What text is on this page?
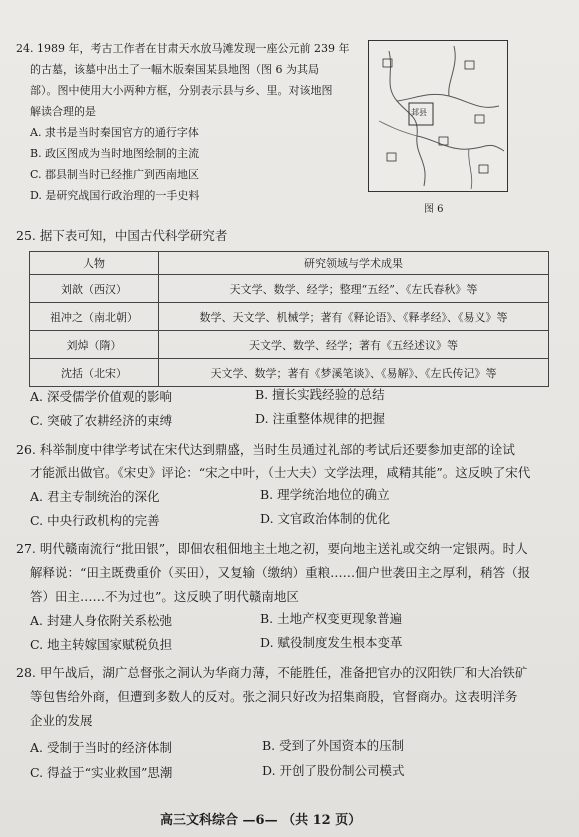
24. 1989 年，考古工作者在甘肃天水放马滩发现一座公元前 239 年
的古墓，该墓中出土了一幅木版秦国某县地图（图 6 为其局
部）。图中使用大小两种方框，分别表示县与乡、里。对该地图
解读合理的是
A. 隶书是当时秦国官方的通行字体
B. 政区图成为当时地图绘制的主流
C. 郡县制当时已经推广到西南地区
D. 是研究战国行政治理的一手史料
邽县
图 6
25. 据下表可知，中国古代科学研究者
人物	研究领域与学术成果
刘歆（西汉）	天文学、数学、经学；整理“五经”、《左氏春秋》等
祖冲之（南北朝）	数学、天文学、机械学；著有《释论语》、《释孝经》、《易义》等
刘焯（隋）	天文学、数学、经学；著有《五经述议》等
沈括（北宋）	天文学、数学；著有《梦溪笔谈》、《易解》、《左氏传记》等
A. 深受儒学价值观的影响	B. 擅长实践经验的总结
C. 突破了农耕经济的束缚	D. 注重整体规律的把握
26. 科举制度中律学考试在宋代达到鼎盛，当时生员通过礼部的考试后还要参加吏部的诠试
才能派出做官。《宋史》评论：“宋之中叶，（士大夫）文学法理，咸精其能”。这反映了宋代
A. 君主专制统治的深化	B. 理学统治地位的确立
C. 中央行政机构的完善	D. 文官政治体制的优化
27. 明代赣南流行“批田银”，即佃农租佃地主土地之初，要向地主送礼或交纳一定银两。时人
解释说：“田主既费重价（买田），又复输（缴纳）重粮……佃户世袭田主之厚利，稍答（报
答）田主……不为过也”。这反映了明代赣南地区
A. 封建人身依附关系松弛	B. 土地产权变更现象普遍
C. 地主转嫁国家赋税负担	D. 赋役制度发生根本变革
28. 甲午战后，湖广总督张之洞认为华商力薄，不能胜任，准备把官办的汉阳铁厂和大冶铁矿
等包售给外商，但遭到多数人的反对。张之洞只好改为招集商股，官督商办。这表明洋务
企业的发展
A. 受制于当时的经济体制	B. 受到了外国资本的压制
C. 得益于“实业救国”思潮	D. 开创了股份制公司模式
高三文科综合 —6— （共 12 页）
